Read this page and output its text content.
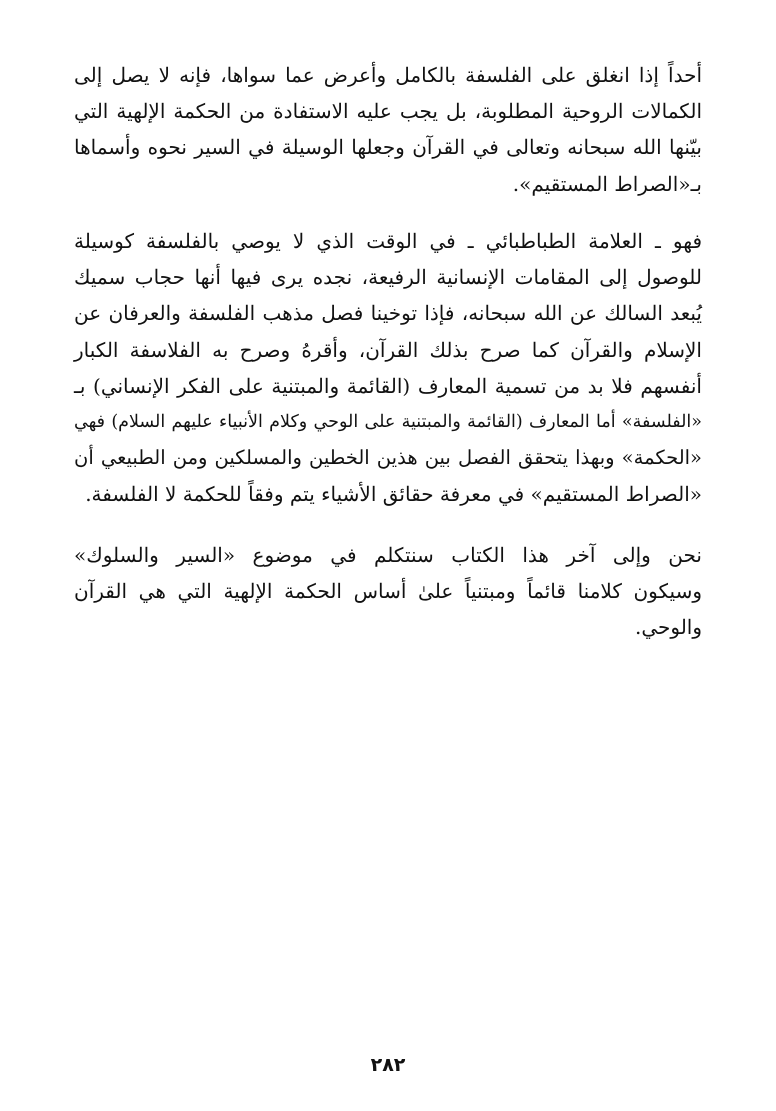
أحداً إذا انغلق على الفلسفة بالكامل وأعرض عما سواها، فإنه لا يصل إلى
الكمالات الروحية المطلوبة، بل يجب عليه الاستفادة من الحكمة الإلهية التي
بيّنها الله سبحانه وتعالى في القرآن وجعلها الوسيلة في السير نحوه وأسماها
بـ«الصراط المستقيم».
فهو ـ العلامة الطباطبائي ـ في الوقت الذي لا يوصي بالفلسفة كوسيلة
للوصول إلى المقامات الإنسانية الرفيعة، نجده يرى فيها أنها حجاب سميك
يُبعد السالك عن الله سبحانه، فإذا توخينا فصل مذهب الفلسفة والعرفان عن
الإسلام والقرآن كما صرح بذلك القرآن، وأقرهُ وصرح به الفلاسفة الكبار
أنفسهم فلا بد من تسمية المعارف (القائمة والمبتنية على الفكر الإنساني) بـ
«الفلسفة» أما المعارف (القائمة والمبتنية على الوحي وكلام الأنبياء عليهم السلام) فهي
«الحكمة» وبهذا يتحقق الفصل بين هذين الخطين والمسلكين ومن الطبيعي أن
«الصراط المستقيم» في معرفة حقائق الأشياء يتم وفقاً للحكمة لا الفلسفة.
نحن وإلى آخر هذا الكتاب سنتكلم في موضوع «السير والسلوك»
وسيكون كلامنا قائماً ومبتنياً علىٰ أساس الحكمة الإلهية التي هي القرآن
والوحي.
٢٨٢
